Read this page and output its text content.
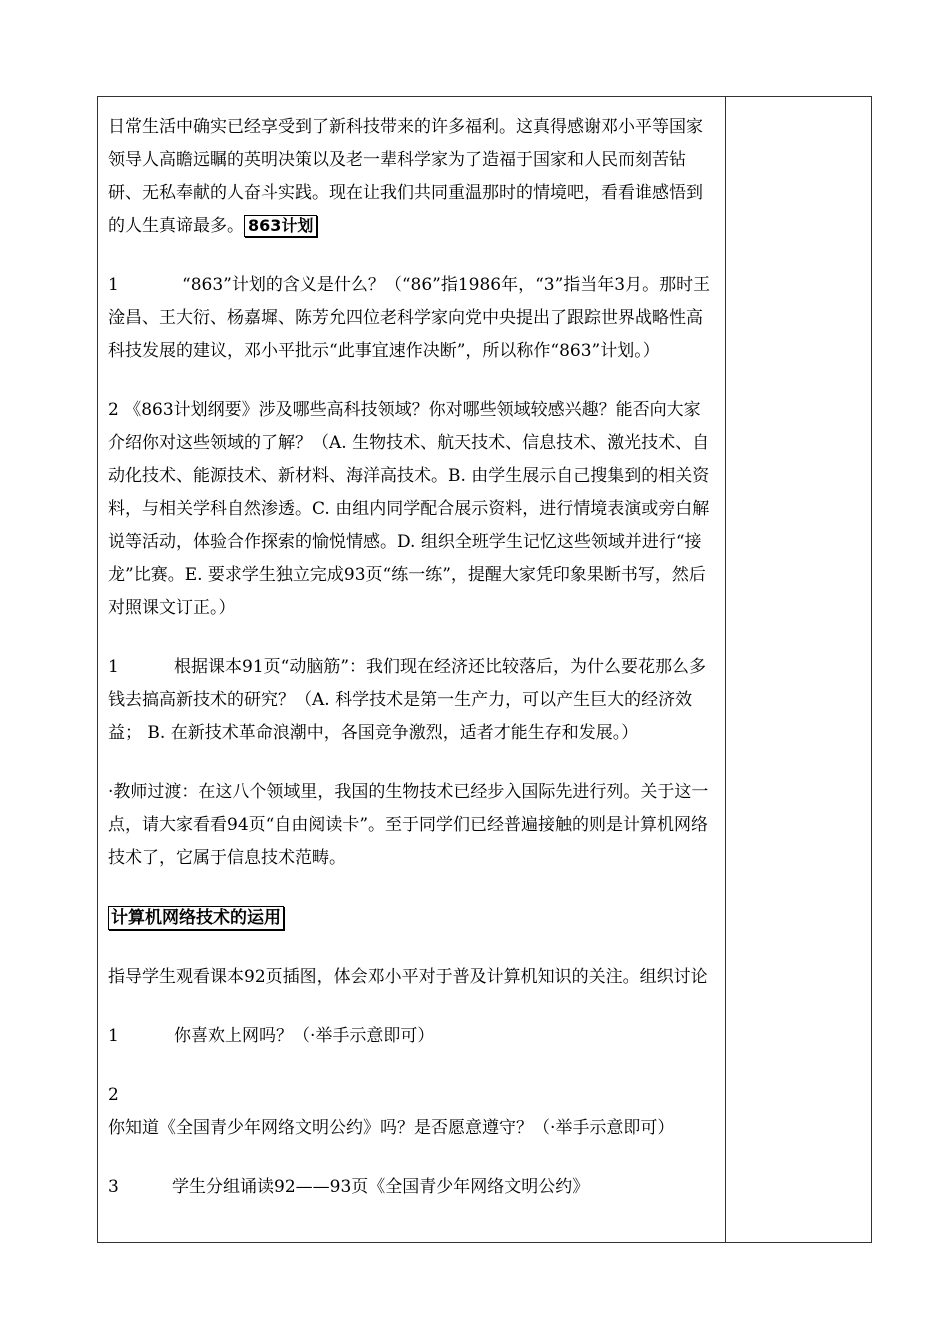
日常生活中确实已经享受到了新科技带来的许多福利。这真得感谢邓小平等国家领导人高瞻远瞩的英明决策以及老一辈科学家为了造福于国家和人民而刻苦钻研、无私奉献的人奋斗实践。现在让我们共同重温那时的情境吧，看看谁感悟到的人生真谛最多。 863计划

1	“863”计划的含义是什么？（“86”指1986年，“3”指当年3月。那时王淦昌、王大衍、杨嘉墀、陈芳允四位老科学家向党中央提出了跟踪世界战略性高科技发展的建议，邓小平批示“此事宜速作决断”，所以称作“863”计划。）

2 《863计划纲要》涉及哪些高科技领域？你对哪些领域较感兴趣？能否向大家介绍你对这些领域的了解？（A. 生物技术、航天技术、信息技术、激光技术、自动化技术、能源技术、新材料、海洋高技术。B. 由学生展示自己搜集到的相关资料，与相关学科自然渗透。C. 由组内同学配合展示资料，进行情境表演或旁白解说等活动，体验合作探索的愉悦情感。D. 组织全班学生记忆这些领域并进行“接龙”比赛。E. 要求学生独立完成93页“练一练”，提醒大家凭印象果断书写，然后对照课文订正。）

1	根据课本91页“动脑筋”：我们现在经济还比较落后，为什么要花那么多钱去搞高新技术的研究？（A. 科学技术是第一生产力，可以产生巨大的经济效益； B. 在新技术革命浪潮中，各国竞争激烈，适者才能生存和发展。）

·教师过渡：在这八个领域里，我国的生物技术已经步入国际先进行列。关于这一点，请大家看看94页“自由阅读卡”。至于同学们已经普遍接触的则是计算机网络技术了，它属于信息技术范畴。

计算机网络技术的运用

指导学生观看课本92页插图，体会邓小平对于普及计算机知识的关注。组织讨论

1	你喜欢上网吗？（·举手示意即可）

2你知道《全国青少年网络文明公约》吗？是否愿意遵守？（·举手示意即可）

3	学生分组诵读92——93页《全国青少年网络文明公约》
